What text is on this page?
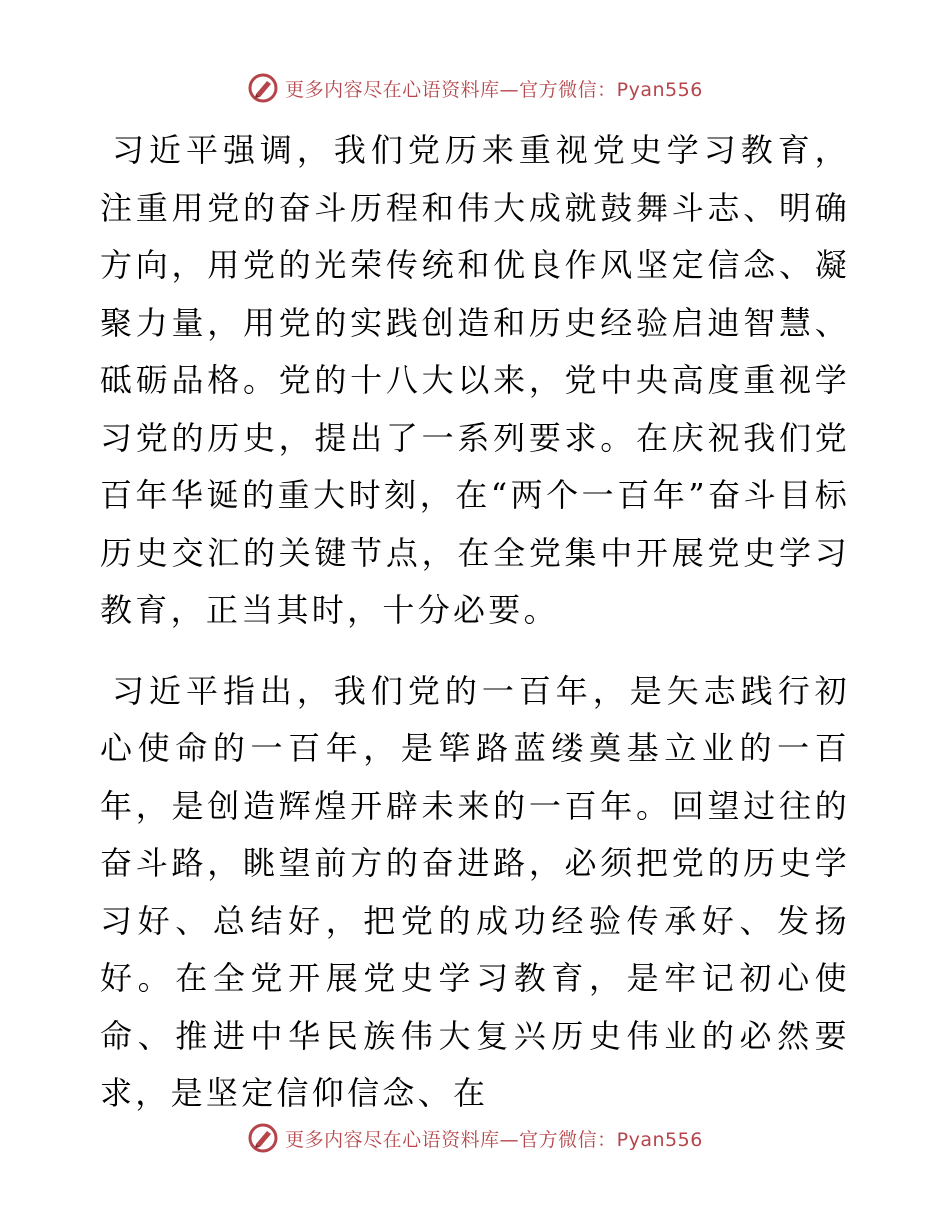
更多内容尽在心语资料库—官方微信：Pyan556

习近平强调，我们党历来重视党史学习教育，注重用党的奋斗历程和伟大成就鼓舞斗志、明确方向，用党的光荣传统和优良作风坚定信念、凝聚力量，用党的实践创造和历史经验启迪智慧、砥砺品格。党的十八大以来，党中央高度重视学习党的历史，提出了一系列要求。在庆祝我们党百年华诞的重大时刻，在“两个一百年”奋斗目标历史交汇的关键节点，在全党集中开展党史学习教育，正当其时，十分必要。

习近平指出，我们党的一百年，是矢志践行初心使命的一百年，是筚路蓝缕奠基立业的一百年，是创造辉煌开辟未来的一百年。回望过往的奋斗路，眺望前方的奋进路，必须把党的历史学习好、总结好，把党的成功经验传承好、发扬好。在全党开展党史学习教育，是牢记初心使命、推进中华民族伟大复兴历史伟业的必然要求，是坚定信仰信念、在

更多内容尽在心语资料库—官方微信：Pyan556
